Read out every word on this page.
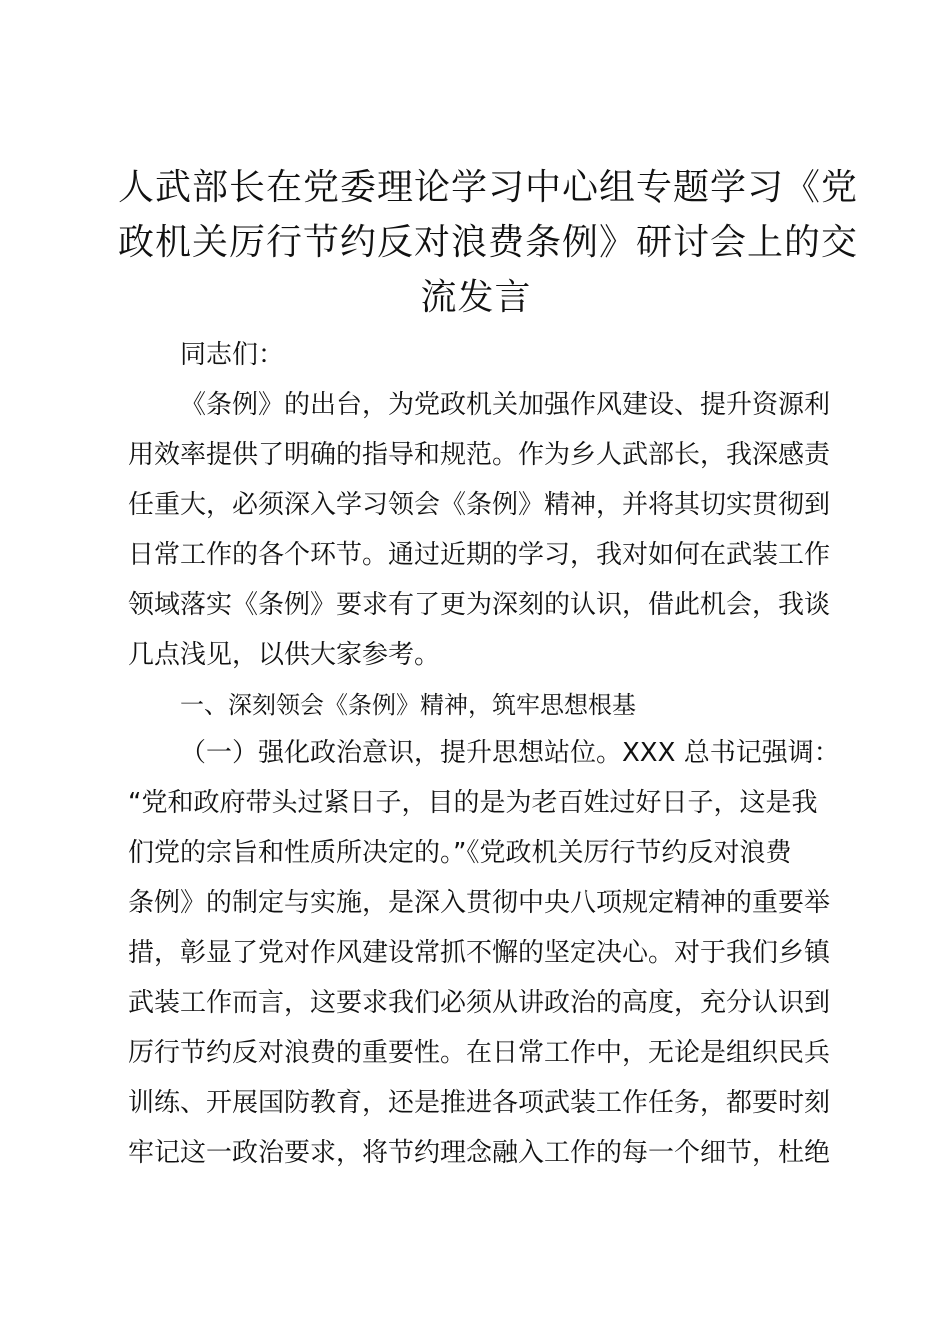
人武部长在党委理论学习中心组专题学习《党
政机关厉行节约反对浪费条例》研讨会上的交
流发言
同志们：
《条例》的出台，为党政机关加强作风建设、提升资源利
用效率提供了明确的指导和规范。作为乡人武部长，我深感责
任重大，必须深入学习领会《条例》精神，并将其切实贯彻到
日常工作的各个环节。通过近期的学习，我对如何在武装工作
领域落实《条例》要求有了更为深刻的认识，借此机会，我谈
几点浅见，以供大家参考。
一、深刻领会《条例》精神，筑牢思想根基
（一）强化政治意识，提升思想站位。XXX 总书记强调：
“党和政府带头过紧日子，目的是为老百姓过好日子，这是我
们党的宗旨和性质所决定的。”《党政机关厉行节约反对浪费
条例》的制定与实施，是深入贯彻中央八项规定精神的重要举
措，彰显了党对作风建设常抓不懈的坚定决心。对于我们乡镇
武装工作而言，这要求我们必须从讲政治的高度，充分认识到
厉行节约反对浪费的重要性。在日常工作中，无论是组织民兵
训练、开展国防教育，还是推进各项武装工作任务，都要时刻
牢记这一政治要求，将节约理念融入工作的每一个细节，杜绝
